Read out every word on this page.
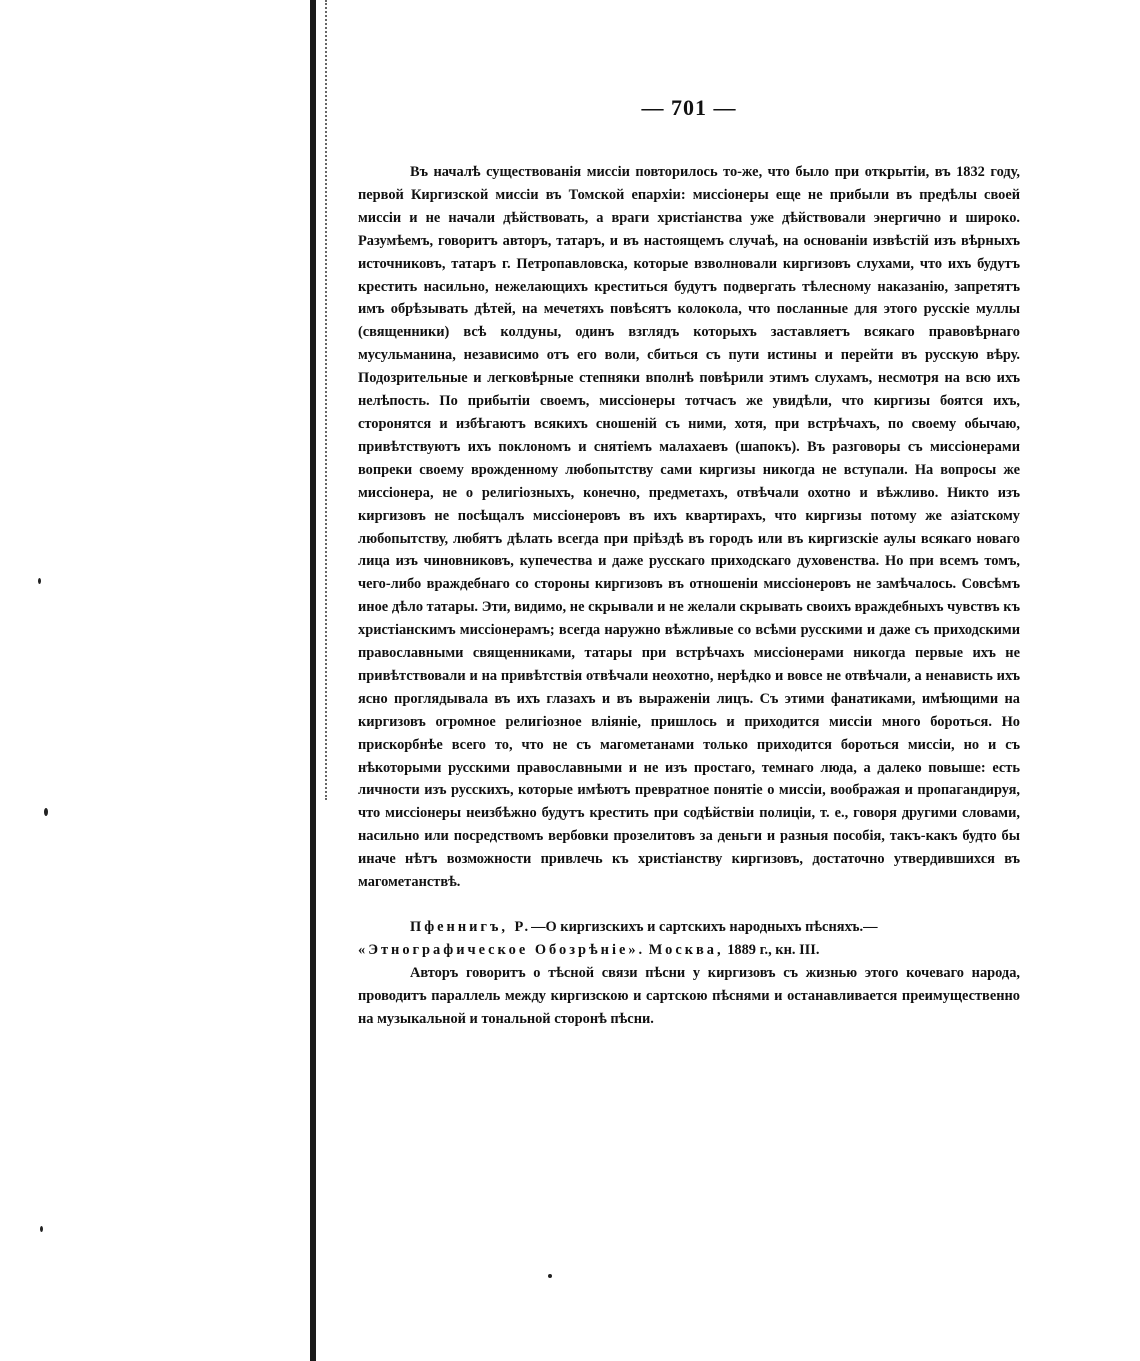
— 701 —

Въ началѣ существованія миссіи повторилось то-же, что было при открытіи, въ 1832 году, первой Киргизской миссіи въ Томской епархіи: миссіонеры еще не прибыли въ предѣлы своей миссіи и не начали дѣйствовать, а враги христіанства уже дѣйствовали энергично и широко. Разумѣемъ, говоритъ авторъ, татаръ, и въ настоящемъ случаѣ, на основаніи извѣстій изъ вѣрныхъ источниковъ, татаръ г. Петропавловска, которые взволновали киргизовъ слухами, что ихъ будутъ крестить насильно, нежелающихъ креститься будутъ подвергать тѣлесному наказанію, запретятъ имъ обрѣзывать дѣтей, на мечетяхъ повѣсятъ колокола, что посланные для этого русскіе муллы (священники) всѣ колдуны, одинъ взглядъ которыхъ заставляетъ всякаго правовѣрнаго мусульманина, независимо отъ его воли, сбиться съ пути истины и перейти въ русскую вѣру. Подозрительные и легковѣрные степняки вполнѣ повѣрили этимъ слухамъ, несмотря на всю ихъ нелѣпость. По прибытіи своемъ, миссіонеры тотчасъ же увидѣли, что киргизы боятся ихъ, сторонятся и избѣгаютъ всякихъ сношеній съ ними, хотя, при встрѣчахъ, по своему обычаю, привѣтствуютъ ихъ поклономъ и снятіемъ малахаевъ (шапокъ). Въ разговоры съ миссіонерами вопреки своему врожденному любопытству сами киргизы никогда не вступали. На вопросы же миссіонера, не о религіозныхъ, конечно, предметахъ, отвѣчали охотно и вѣжливо. Никто изъ киргизовъ не посѣщалъ миссіонеровъ въ ихъ квартирахъ, что киргизы потому же азіатскому любопытству, любятъ дѣлать всегда при пріѣздѣ въ городъ или въ киргизскіе аулы всякаго новаго лица изъ чиновниковъ, купечества и даже русскаго приходскаго духовенства. Но при всемъ томъ, чего-либо враждебнаго со стороны киргизовъ въ отношеніи миссіонеровъ не замѣчалось. Совсѣмъ иное дѣло татары. Эти, видимо, не скрывали и не желали скрывать своихъ враждебныхъ чувствъ къ христіанскимъ миссіонерамъ; всегда наружно вѣжливые со всѣми русскими и даже съ приходскими православными священниками, татары при встрѣчахъ миссіонерами никогда первые ихъ не привѣтствовали и на привѣтствія отвѣчали неохотно, нерѣдко и вовсе не отвѣчали, а ненависть ихъ ясно проглядывала въ ихъ глазахъ и въ выраженіи лицъ. Съ этими фанатиками, имѣющими на киргизовъ огромное религіозное вліяніе, пришлось и приходится миссіи много бороться. Но прискорбнѣе всего то, что не съ магометанами только приходится бороться миссіи, но и съ нѣкоторыми русскими православными и не изъ простаго, темнаго люда, а далеко повыше: есть личности изъ русскихъ, которые имѣютъ превратное понятіе о миссіи, воображая и пропагандируя, что миссіонеры неизбѣжно будутъ крестить при содѣйствіи полиціи, т. е., говоря другими словами, насильно или посредствомъ вербовки прозелитовъ за деньги и разныя пособія, такъ-какъ будто бы иначе нѣтъ возможности привлечь къ христіанству киргизовъ, достаточно утвердившихся въ магометанствѣ.

Пфеннигъ, Р.—О киргизскихъ и сартскихъ народныхъ пѣсняхъ.—

«Этнографическое Обозрѣніе». Москва, 1889 г., кн. III.

Авторъ говоритъ о тѣсной связи пѣсни у киргизовъ съ жизнью этого кочеваго народа, проводитъ параллель между киргизскою и сартскою пѣснями и останавливается преимущественно на музыкальной и тональной сторонѣ пѣсни.
